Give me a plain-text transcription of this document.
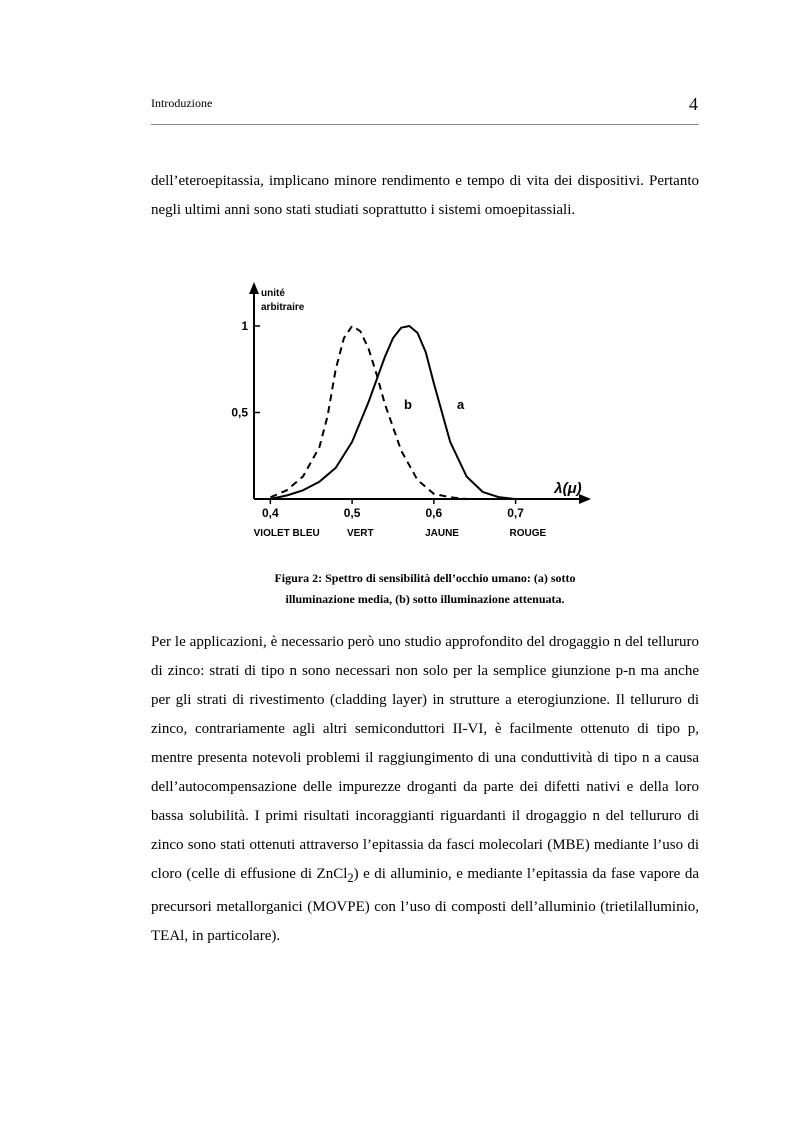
Introduzione	4

dell’eteroepitassia, implicano minore rendimento e tempo di vita dei dispositivi. Pertanto negli ultimi anni sono stati studiati soprattutto i sistemi omoepitassiali.

unité
arbitraire
0,4	0,5	0,6	0,7
0,5
1
λ(μ)
VIOLET BLEU	VERT	JAUNE	ROUGE
a
b
Figura 2: Spettro di sensibilità dell’occhio umano: (a) sotto
illuminazione media, (b) sotto illuminazione attenuata.

Per le applicazioni, è necessario però uno studio approfondito del drogaggio n del tellururo di zinco: strati di tipo n sono necessari non solo per la semplice giunzione p-n ma anche per gli strati di rivestimento (cladding layer) in strutture a eterogiunzione. Il tellururo di zinco, contrariamente agli altri semiconduttori II-VI, è facilmente ottenuto di tipo p, mentre presenta notevoli problemi il raggiungimento di una conduttività di tipo n a causa dell’autocompensazione delle impurezze droganti da parte dei difetti nativi e della loro bassa solubilità. I primi risultati incoraggianti riguardanti il drogaggio n del tellururo di zinco sono stati ottenuti attraverso l’epitassia da fasci molecolari (MBE) mediante l’uso di cloro (celle di effusione di ZnCl$_2$) e di alluminio, e mediante l’epitassia da fase vapore da precursori metallorganici (MOVPE) con l’uso di composti dell’alluminio (trietilalluminio, TEAl, in particolare).
